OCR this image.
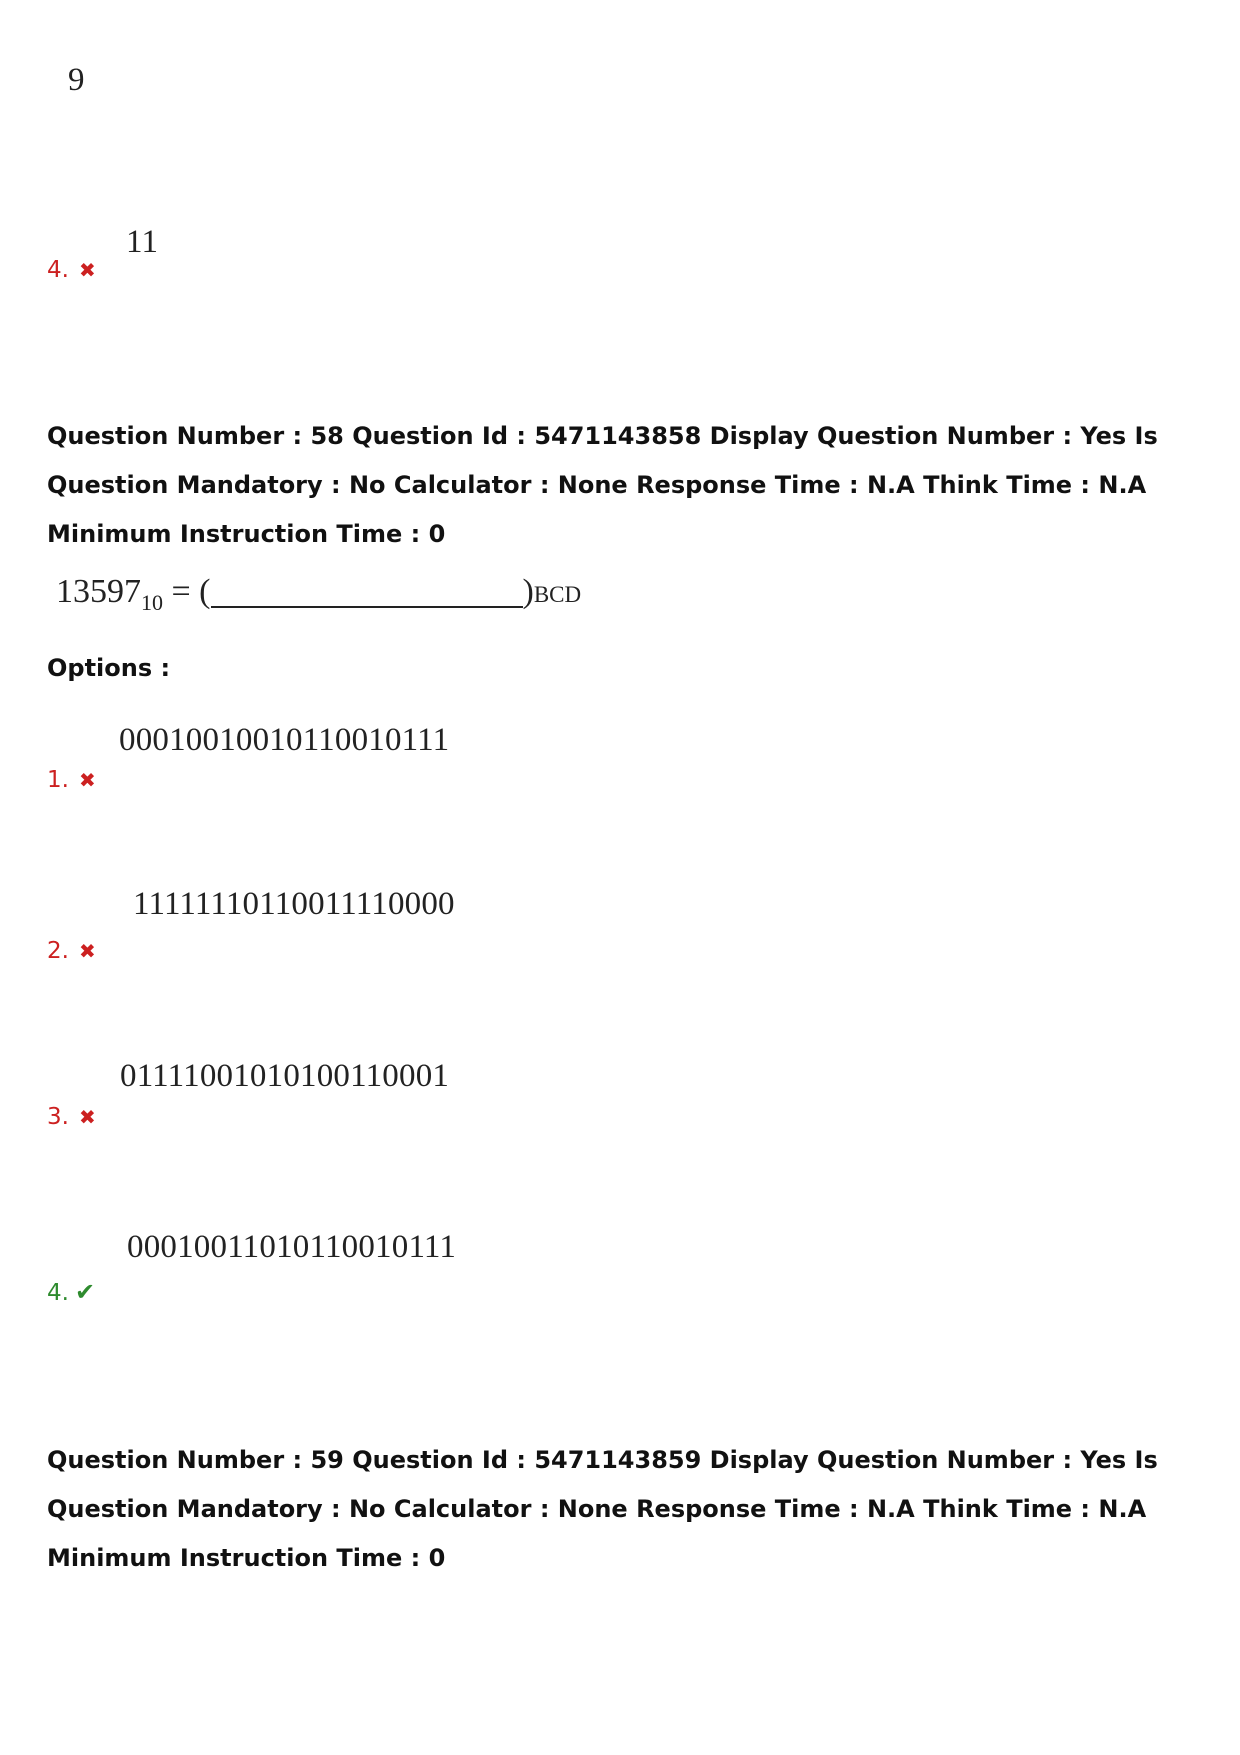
9
4. ✖
11
Question Number : 58 Question Id : 5471143858 Display Question Number : Yes Is Question Mandatory : No Calculator : None Response Time : N.A Think Time : N.A Minimum Instruction Time : 0
$13597_{10}$ = (	)BCD
Options :
00010010010110010111
1. ✖
11111110110011110000
2. ✖
01111001010100110001
3. ✖
00010011010110010111
4. ✔
Question Number : 59 Question Id : 5471143859 Display Question Number : Yes Is Question Mandatory : No Calculator : None Response Time : N.A Think Time : N.A Minimum Instruction Time : 0
